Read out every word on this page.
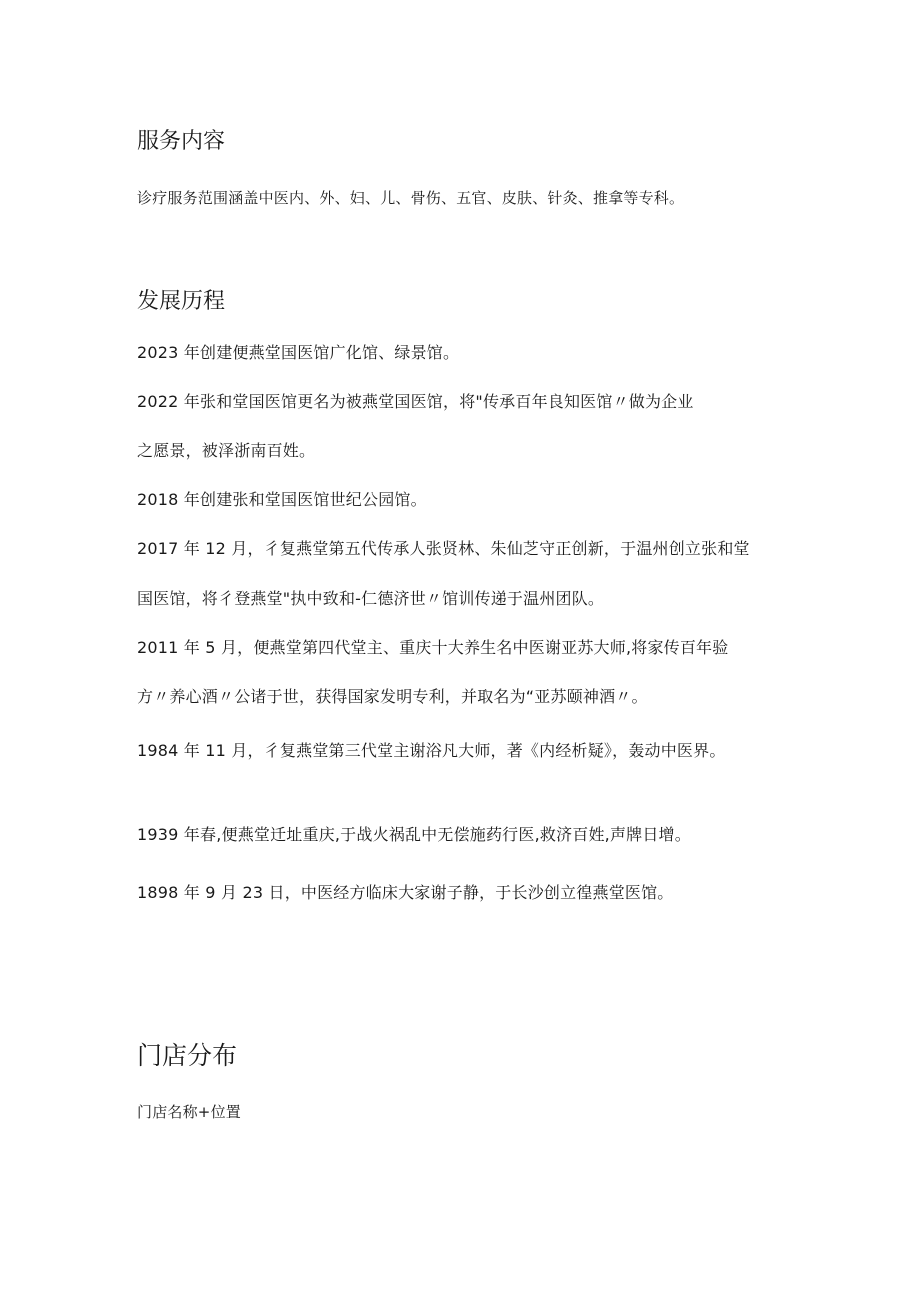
服务内容

诊疗服务范围涵盖中医内、外、妇、儿、骨伤、五官、皮肤、针灸、推拿等专科。

发展历程

2023 年创建便燕堂国医馆广化馆、绿景馆。

2022 年张和堂国医馆更名为被燕堂国医馆，将"传承百年良知医馆〃做为企业

之愿景，被泽浙南百姓。

2018 年创建张和堂国医馆世纪公园馆。

2017 年 12 月，彳复燕堂第五代传承人张贤林、朱仙芝守正创新，于温州创立张和堂

国医馆，将彳登燕堂"执中致和-仁德济世〃馆训传递于温州团队。

2011 年 5 月，便燕堂第四代堂主、重庆十大养生名中医谢亚苏大师,将家传百年验

方〃养心酒〃公诸于世，获得国家发明专利，并取名为“亚苏颐神酒〃。

1984 年 11 月，彳复燕堂第三代堂主谢浴凡大师，著《内经析疑》，轰动中医界。

1939 年春,便燕堂迁址重庆,于战火祸乱中无偿施药行医,救济百姓,声牌日增。

1898 年 9 月 23 日，中医经方临床大家谢子静，于长沙创立徨燕堂医馆。

门店分布

门店名称+位置
